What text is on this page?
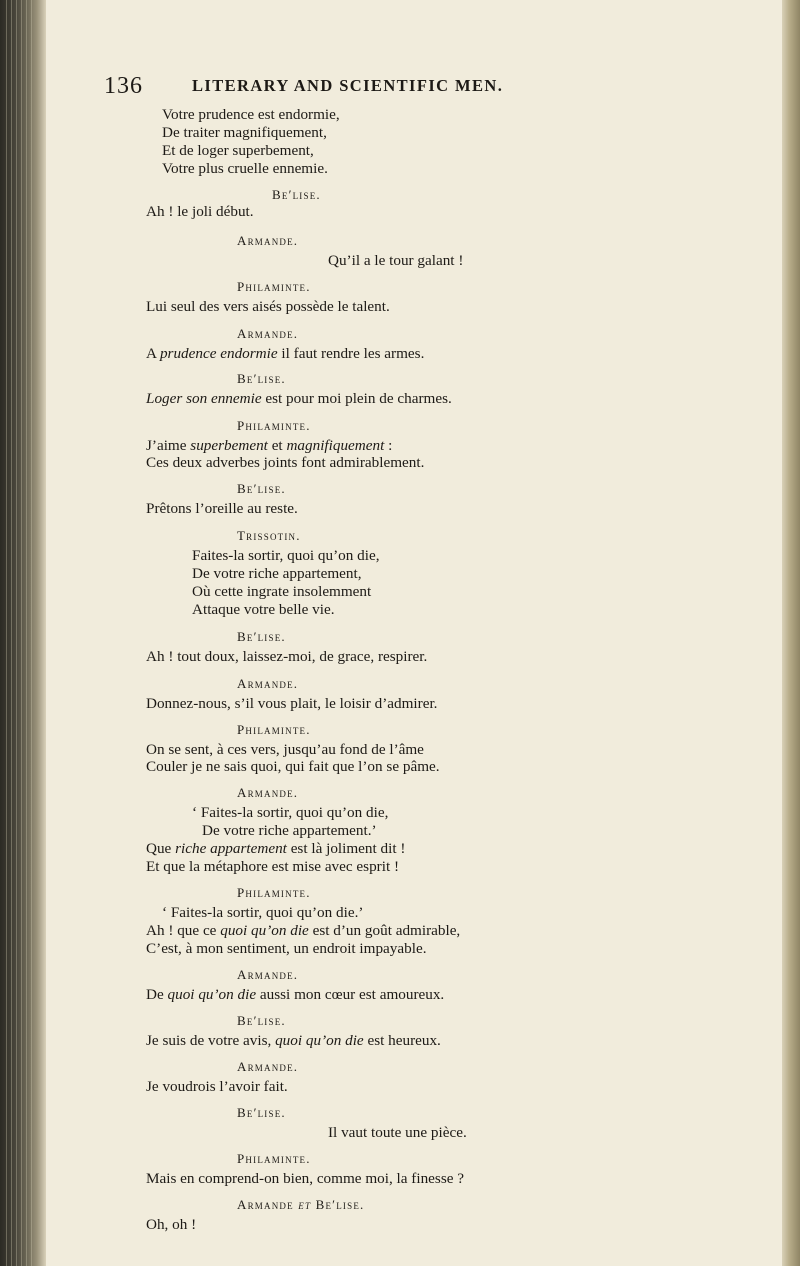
136	LITERARY AND SCIENTIFIC MEN.
Votre prudence est endormie,
De traiter magnifiquement,
Et de loger superbement,
Votre plus cruelle ennemie.
Be′lise.
Ah ! le joli début.
Armande.
Qu’il a le tour galant !
Philaminte.
Lui seul des vers aisés possède le talent.
Armande.
A prudence endormie il faut rendre les armes.
Be′lise.
Loger son ennemie est pour moi plein de charmes.
Philaminte.
J’aime superbement et magnifiquement :
Ces deux adverbes joints font admirablement.
Be′lise.
Prêtons l’oreille au reste.
Trissotin.
Faites-la sortir, quoi qu’on die,
De votre riche appartement,
Où cette ingrate insolemment
Attaque votre belle vie.
Be′lise.
Ah ! tout doux, laissez-moi, de grace, respirer.
Armande.
Donnez-nous, s’il vous plait, le loisir d’admirer.
Philaminte.
On se sent, à ces vers, jusqu’au fond de l’âme
Couler je ne sais quoi, qui fait que l’on se pâme.
Armande.
‘ Faites-la sortir, quoi qu’on die,
De votre riche appartement.’
Que riche appartement est là joliment dit !
Et que la métaphore est mise avec esprit !
Philaminte.
‘ Faites-la sortir, quoi qu’on die.’
Ah ! que ce quoi qu’on die est d’un goût admirable,
C’est, à mon sentiment, un endroit impayable.
Armande.
De quoi qu’on die aussi mon cœur est amoureux.
Be′lise.
Je suis de votre avis, quoi qu’on die est heureux.
Armande.
Je voudrois l’avoir fait.
Be′lise.
Il vaut toute une pièce.
Philaminte.
Mais en comprend-on bien, comme moi, la finesse ?
Armande et Be′lise.
Oh, oh !
